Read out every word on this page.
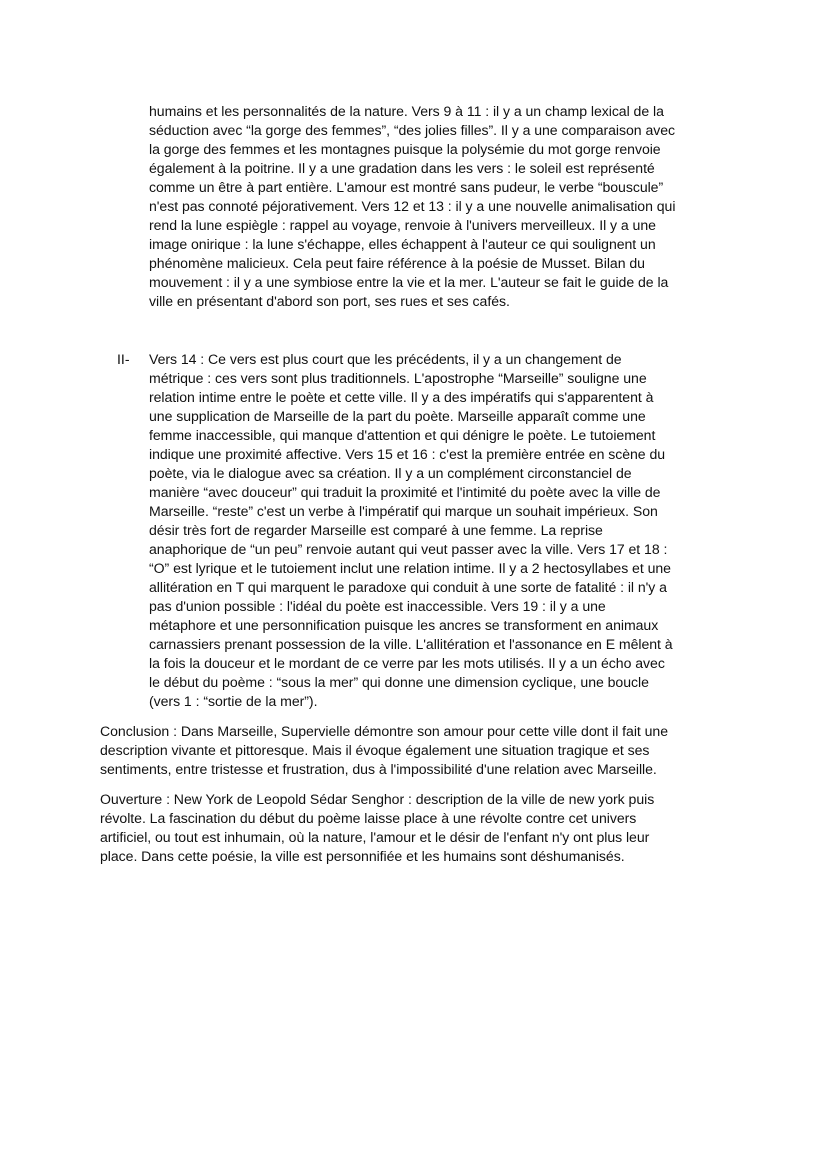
humains et les personnalités de la nature. Vers 9 à 11 : il y a un champ lexical de la
séduction avec “la gorge des femmes”, “des jolies filles”. Il y a une comparaison avec
la gorge des femmes et les montagnes puisque la polysémie du mot gorge renvoie
également à la poitrine. Il y a une gradation dans les vers : le soleil est représenté
comme un être à part entière. L'amour est montré sans pudeur, le verbe “bouscule”
n'est pas connoté péjorativement. Vers 12 et 13 : il y a une nouvelle animalisation qui
rend la lune espiègle : rappel au voyage, renvoie à l'univers merveilleux. Il y a une
image onirique : la lune s'échappe, elles échappent à l'auteur ce qui soulignent un
phénomène malicieux. Cela peut faire référence à la poésie de Musset. Bilan du
mouvement : il y a une symbiose entre la vie et la mer. L'auteur se fait le guide de la
ville en présentant d'abord son port, ses rues et ses cafés.
II- Vers 14 : Ce vers est plus court que les précédents, il y a un changement de
métrique : ces vers sont plus traditionnels. L'apostrophe “Marseille” souligne une
relation intime entre le poète et cette ville. Il y a des impératifs qui s'apparentent à
une supplication de Marseille de la part du poète. Marseille apparaît comme une
femme inaccessible, qui manque d'attention et qui dénigre le poète. Le tutoiement
indique une proximité affective. Vers 15 et 16 : c'est la première entrée en scène du
poète, via le dialogue avec sa création. Il y a un complément circonstanciel de
manière “avec douceur” qui traduit la proximité et l'intimité du poète avec la ville de
Marseille. “reste” c'est un verbe à l'impératif qui marque un souhait impérieux. Son
désir très fort de regarder Marseille est comparé à une femme. La reprise
anaphorique de “un peu” renvoie autant qui veut passer avec la ville. Vers 17 et 18 :
“O” est lyrique et le tutoiement inclut une relation intime. Il y a 2 hectosyllabes et une
allitération en T qui marquent le paradoxe qui conduit à une sorte de fatalité : il n'y a
pas d'union possible : l'idéal du poète est inaccessible. Vers 19 : il y a une
métaphore et une personnification puisque les ancres se transforment en animaux
carnassiers prenant possession de la ville. L'allitération et l'assonance en E mêlent à
la fois la douceur et le mordant de ce verre par les mots utilisés. Il y a un écho avec
le début du poème : “sous la mer” qui donne une dimension cyclique, une boucle
(vers 1 : “sortie de la mer”).
Conclusion : Dans Marseille, Supervielle démontre son amour pour cette ville dont il fait une
description vivante et pittoresque. Mais il évoque également une situation tragique et ses
sentiments, entre tristesse et frustration, dus à l'impossibilité d'une relation avec Marseille.
Ouverture : New York de Leopold Sédar Senghor : description de la ville de new york puis
révolte. La fascination du début du poème laisse place à une révolte contre cet univers
artificiel, ou tout est inhumain, où la nature, l'amour et le désir de l'enfant n'y ont plus leur
place. Dans cette poésie, la ville est personnifiée et les humains sont déshumanisés.
